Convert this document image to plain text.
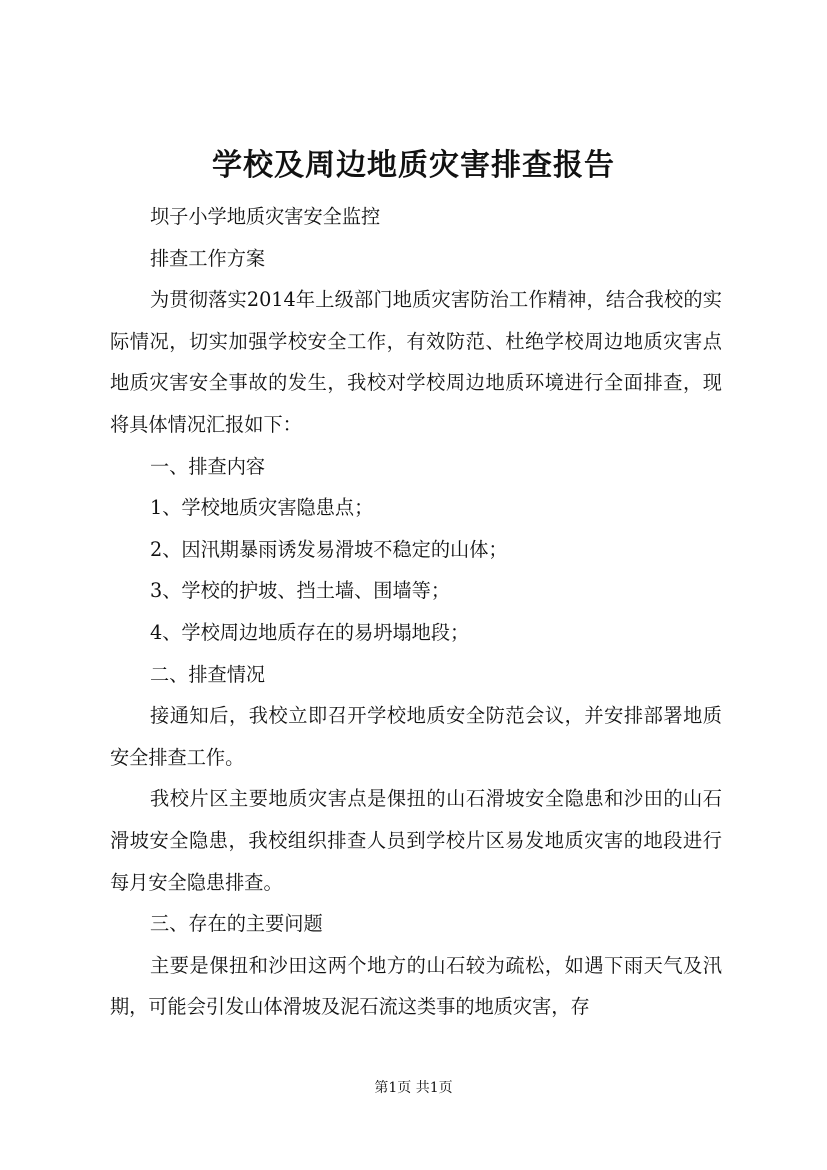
学校及周边地质灾害排查报告

坝子小学地质灾害安全监控

排查工作方案

为贯彻落实2014年上级部门地质灾害防治工作精神，结合我校的实际情况，切实加强学校安全工作，有效防范、杜绝学校周边地质灾害点地质灾害安全事故的发生，我校对学校周边地质环境进行全面排查，现将具体情况汇报如下：

一、排查内容

1、学校地质灾害隐患点；

2、因汛期暴雨诱发易滑坡不稳定的山体；

3、学校的护坡、挡土墙、围墙等；

4、学校周边地质存在的易坍塌地段；

二、排查情况

接通知后，我校立即召开学校地质安全防范会议，并安排部署地质安全排查工作。

我校片区主要地质灾害点是倮扭的山石滑坡安全隐患和沙田的山石滑坡安全隐患，我校组织排查人员到学校片区易发地质灾害的地段进行每月安全隐患排查。

三、存在的主要问题

主要是倮扭和沙田这两个地方的山石较为疏松，如遇下雨天气及汛期，可能会引发山体滑坡及泥石流这类事的地质灾害，存

第1页 共1页
